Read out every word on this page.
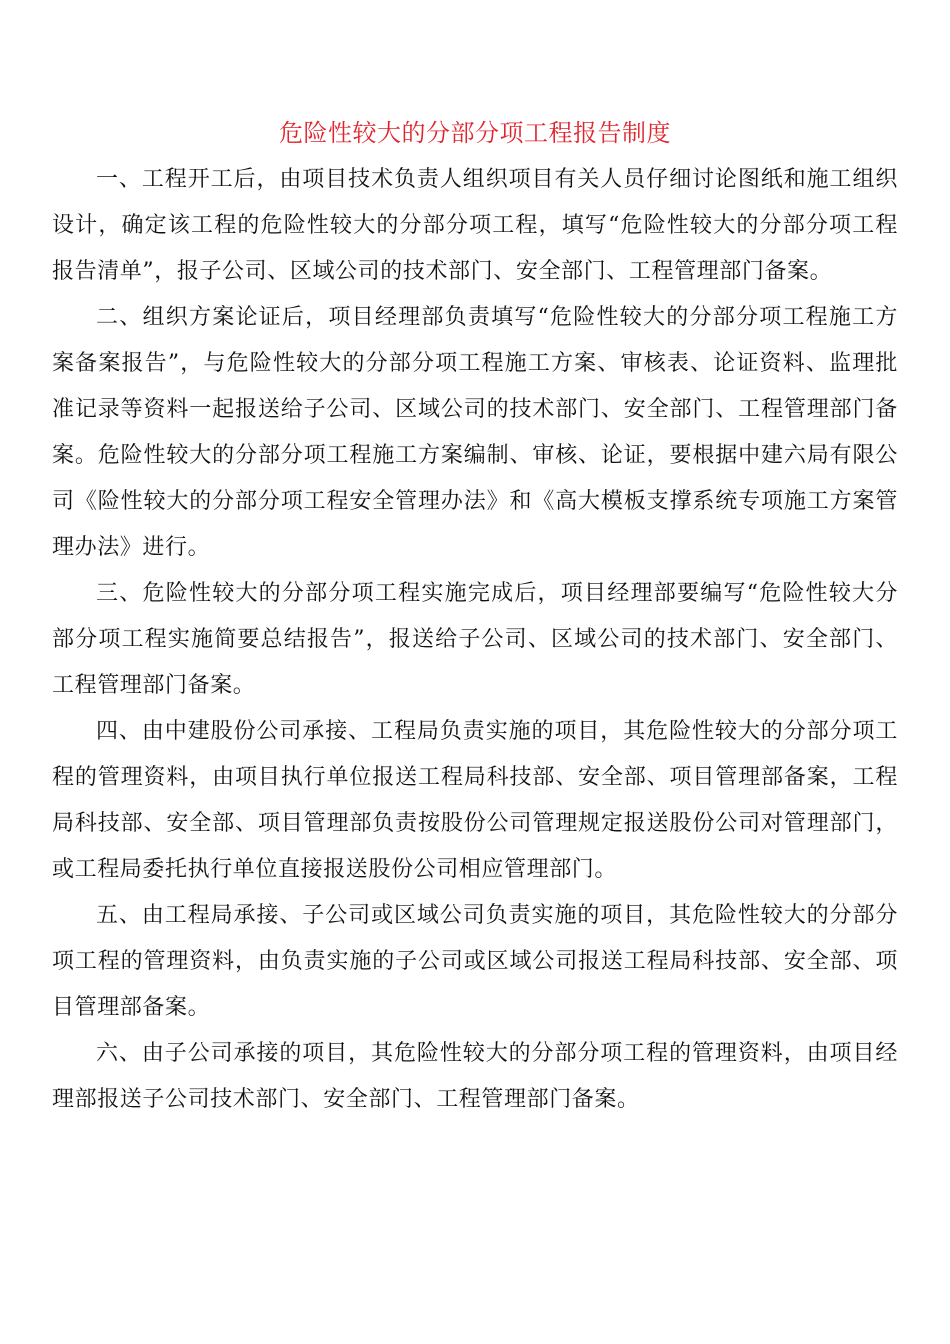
危险性较大的分部分项工程报告制度

一、工程开工后，由项目技术负责人组织项目有关人员仔细讨论图纸和施工组织设计，确定该工程的危险性较大的分部分项工程，填写“危险性较大的分部分项工程报告清单”，报子公司、区域公司的技术部门、安全部门、工程管理部门备案。

二、组织方案论证后，项目经理部负责填写“危险性较大的分部分项工程施工方案备案报告”，与危险性较大的分部分项工程施工方案、审核表、论证资料、监理批准记录等资料一起报送给子公司、区域公司的技术部门、安全部门、工程管理部门备案。危险性较大的分部分项工程施工方案编制、审核、论证，要根据中建六局有限公司《险性较大的分部分项工程安全管理办法》和《高大模板支撑系统专项施工方案管理办法》进行。

三、危险性较大的分部分项工程实施完成后，项目经理部要编写“危险性较大分部分项工程实施简要总结报告”，报送给子公司、区域公司的技术部门、安全部门、工程管理部门备案。

四、由中建股份公司承接、工程局负责实施的项目，其危险性较大的分部分项工程的管理资料，由项目执行单位报送工程局科技部、安全部、项目管理部备案，工程局科技部、安全部、项目管理部负责按股份公司管理规定报送股份公司对管理部门，或工程局委托执行单位直接报送股份公司相应管理部门。

五、由工程局承接、子公司或区域公司负责实施的项目，其危险性较大的分部分项工程的管理资料，由负责实施的子公司或区域公司报送工程局科技部、安全部、项目管理部备案。

六、由子公司承接的项目，其危险性较大的分部分项工程的管理资料，由项目经理部报送子公司技术部门、安全部门、工程管理部门备案。
